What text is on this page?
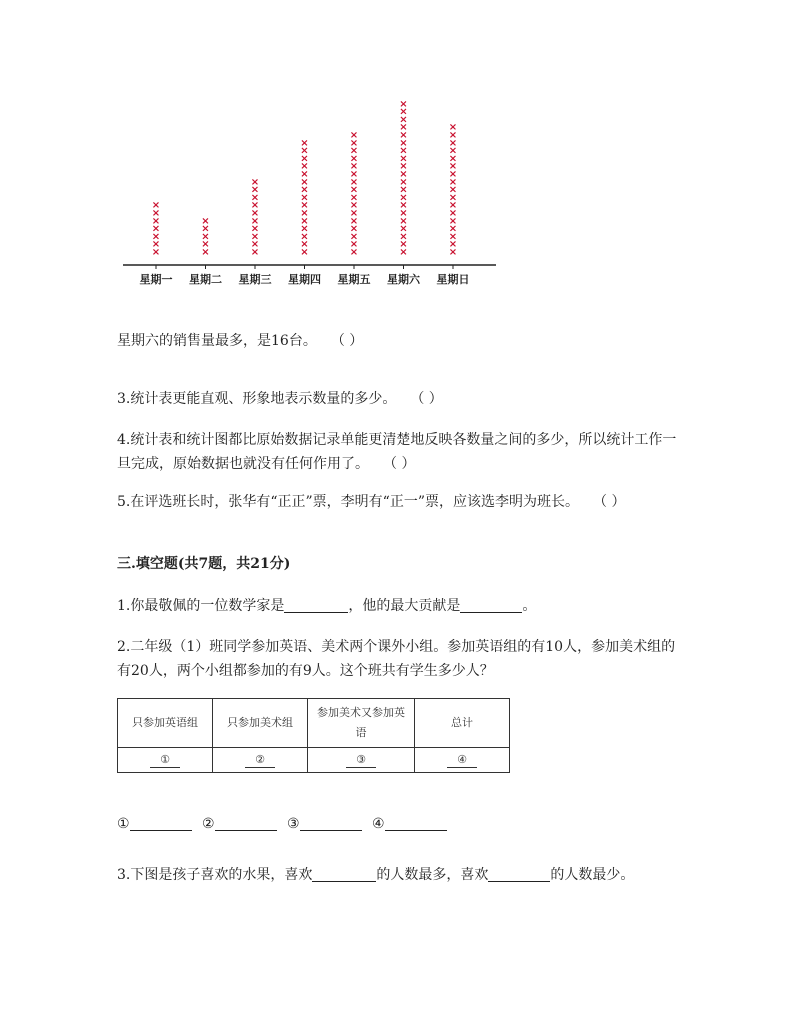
星期一
×
×
×
×
×
×
×
星期二
×
×
×
×
×
星期三
×
×
×
×
×
×
×
×
×
×
星期四
×
×
×
×
×
×
×
×
×
×
×
×
×
×
×
星期五
×
×
×
×
×
×
×
×
×
×
×
×
×
×
×
×
星期六
×
×
×
×
×
×
×
×
×
×
×
×
×
×
×
×
×
×
×
×
星期日
×
×
×
×
×
×
×
×
×
×
×
×
×
×
×
×
×
星期六的销售量最多，是16台。 （ ）
3.统计表更能直观、形象地表示数量的多少。 （ ）
4.统计表和统计图都比原始数据记录单能更清楚地反映各数量之间的多少，所以统计工作一旦完成，原始数据也就没有任何作用了。 （ ）
5.在评选班长时，张华有“正正”票，李明有“正一”票，应该选李明为班长。 （ ）
三.填空题(共7题，共21分)
1.你最敬佩的一位数学家是	，他的最大贡献是	。
2.二年级（1）班同学参加英语、美术两个课外小组。参加英语组的有10人，参加美术组的有20人，两个小组都参加的有9人。这个班共有学生多少人？
只参加英语组	只参加美术组	参加美术又参加英语	总计
①	②	③	④
①	②	③	④
3.下图是孩子喜欢的水果，喜欢	的人数最多，喜欢	的人数最少。
